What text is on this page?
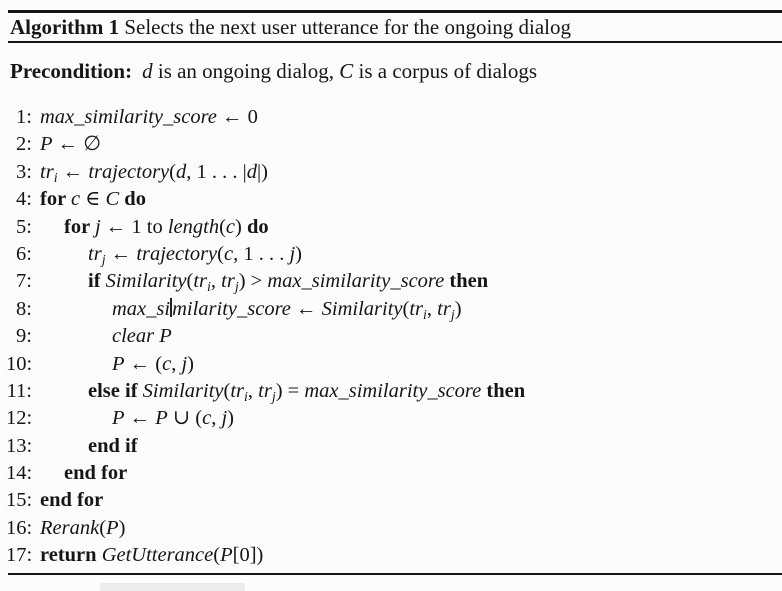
Algorithm 1 Selects the next user utterance for the ongoing dialog
Precondition: d is an ongoing dialog, C is a corpus of dialogs
1: max_similarity_score ← 0
2: P ← ∅
3: tri ← trajectory(d, 1 . . . |d|)
4: for c ∈ C do
5: for j ← 1 to length(c) do
6:	trj ← trajectory(c, 1 . . . j)
7:	if Similarity(tri, trj) > max_similarity_score then
8:	max_similarity_score ← Similarity(tri, trj)
9:	clear P
10:	P ← (c, j)
11:	else if Similarity(tri, trj) = max_similarity_score then
12:	P ← P ∪ (c, j)
13:	end if
14: end for
15: end for
16: Rerank(P)
17: return GetUtterance(P[0])
